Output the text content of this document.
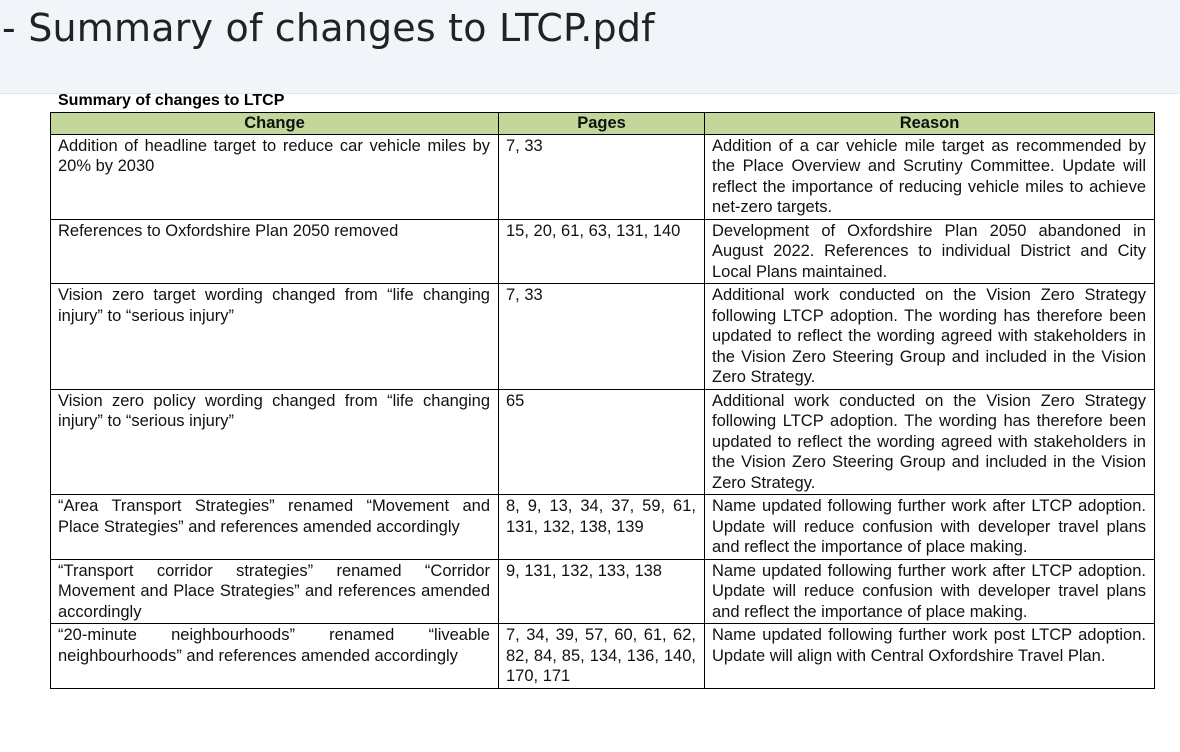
- Summary of changes to LTCP.pdf
Summary of changes to LTCP
Change	Pages	Reason
Addition of headline target to reduce car vehicle miles by 20% by 2030	7, 33	Addition of a car vehicle mile target as recommended by the Place Overview and Scrutiny Committee. Update will reflect the importance of reducing vehicle miles to achieve net-zero targets.
References to Oxfordshire Plan 2050 removed	15, 20, 61, 63, 131, 140	Development of Oxfordshire Plan 2050 abandoned in August 2022. References to individual District and City Local Plans maintained.
Vision zero target wording changed from “life changing injury” to “serious injury”	7, 33	Additional work conducted on the Vision Zero Strategy following LTCP adoption. The wording has therefore been updated to reflect the wording agreed with stakeholders in the Vision Zero Steering Group and included in the Vision Zero Strategy.
Vision zero policy wording changed from “life changing injury” to “serious injury”	65	Additional work conducted on the Vision Zero Strategy following LTCP adoption. The wording has therefore been updated to reflect the wording agreed with stakeholders in the Vision Zero Steering Group and included in the Vision Zero Strategy.
“Area Transport Strategies” renamed “Movement and Place Strategies” and references amended accordingly	8, 9, 13, 34, 37, 59, 61, 131, 132, 138, 139	Name updated following further work after LTCP adoption. Update will reduce confusion with developer travel plans and reflect the importance of place making.
“Transport corridor strategies” renamed “Corridor Movement and Place Strategies” and references amended accordingly	9, 131, 132, 133, 138	Name updated following further work after LTCP adoption. Update will reduce confusion with developer travel plans and reflect the importance of place making.
“20-minute neighbourhoods” renamed “liveable neighbourhoods” and references amended accordingly	7, 34, 39, 57, 60, 61, 62, 82, 84, 85, 134, 136, 140, 170, 171	Name updated following further work post LTCP adoption. Update will align with Central Oxfordshire Travel Plan.
